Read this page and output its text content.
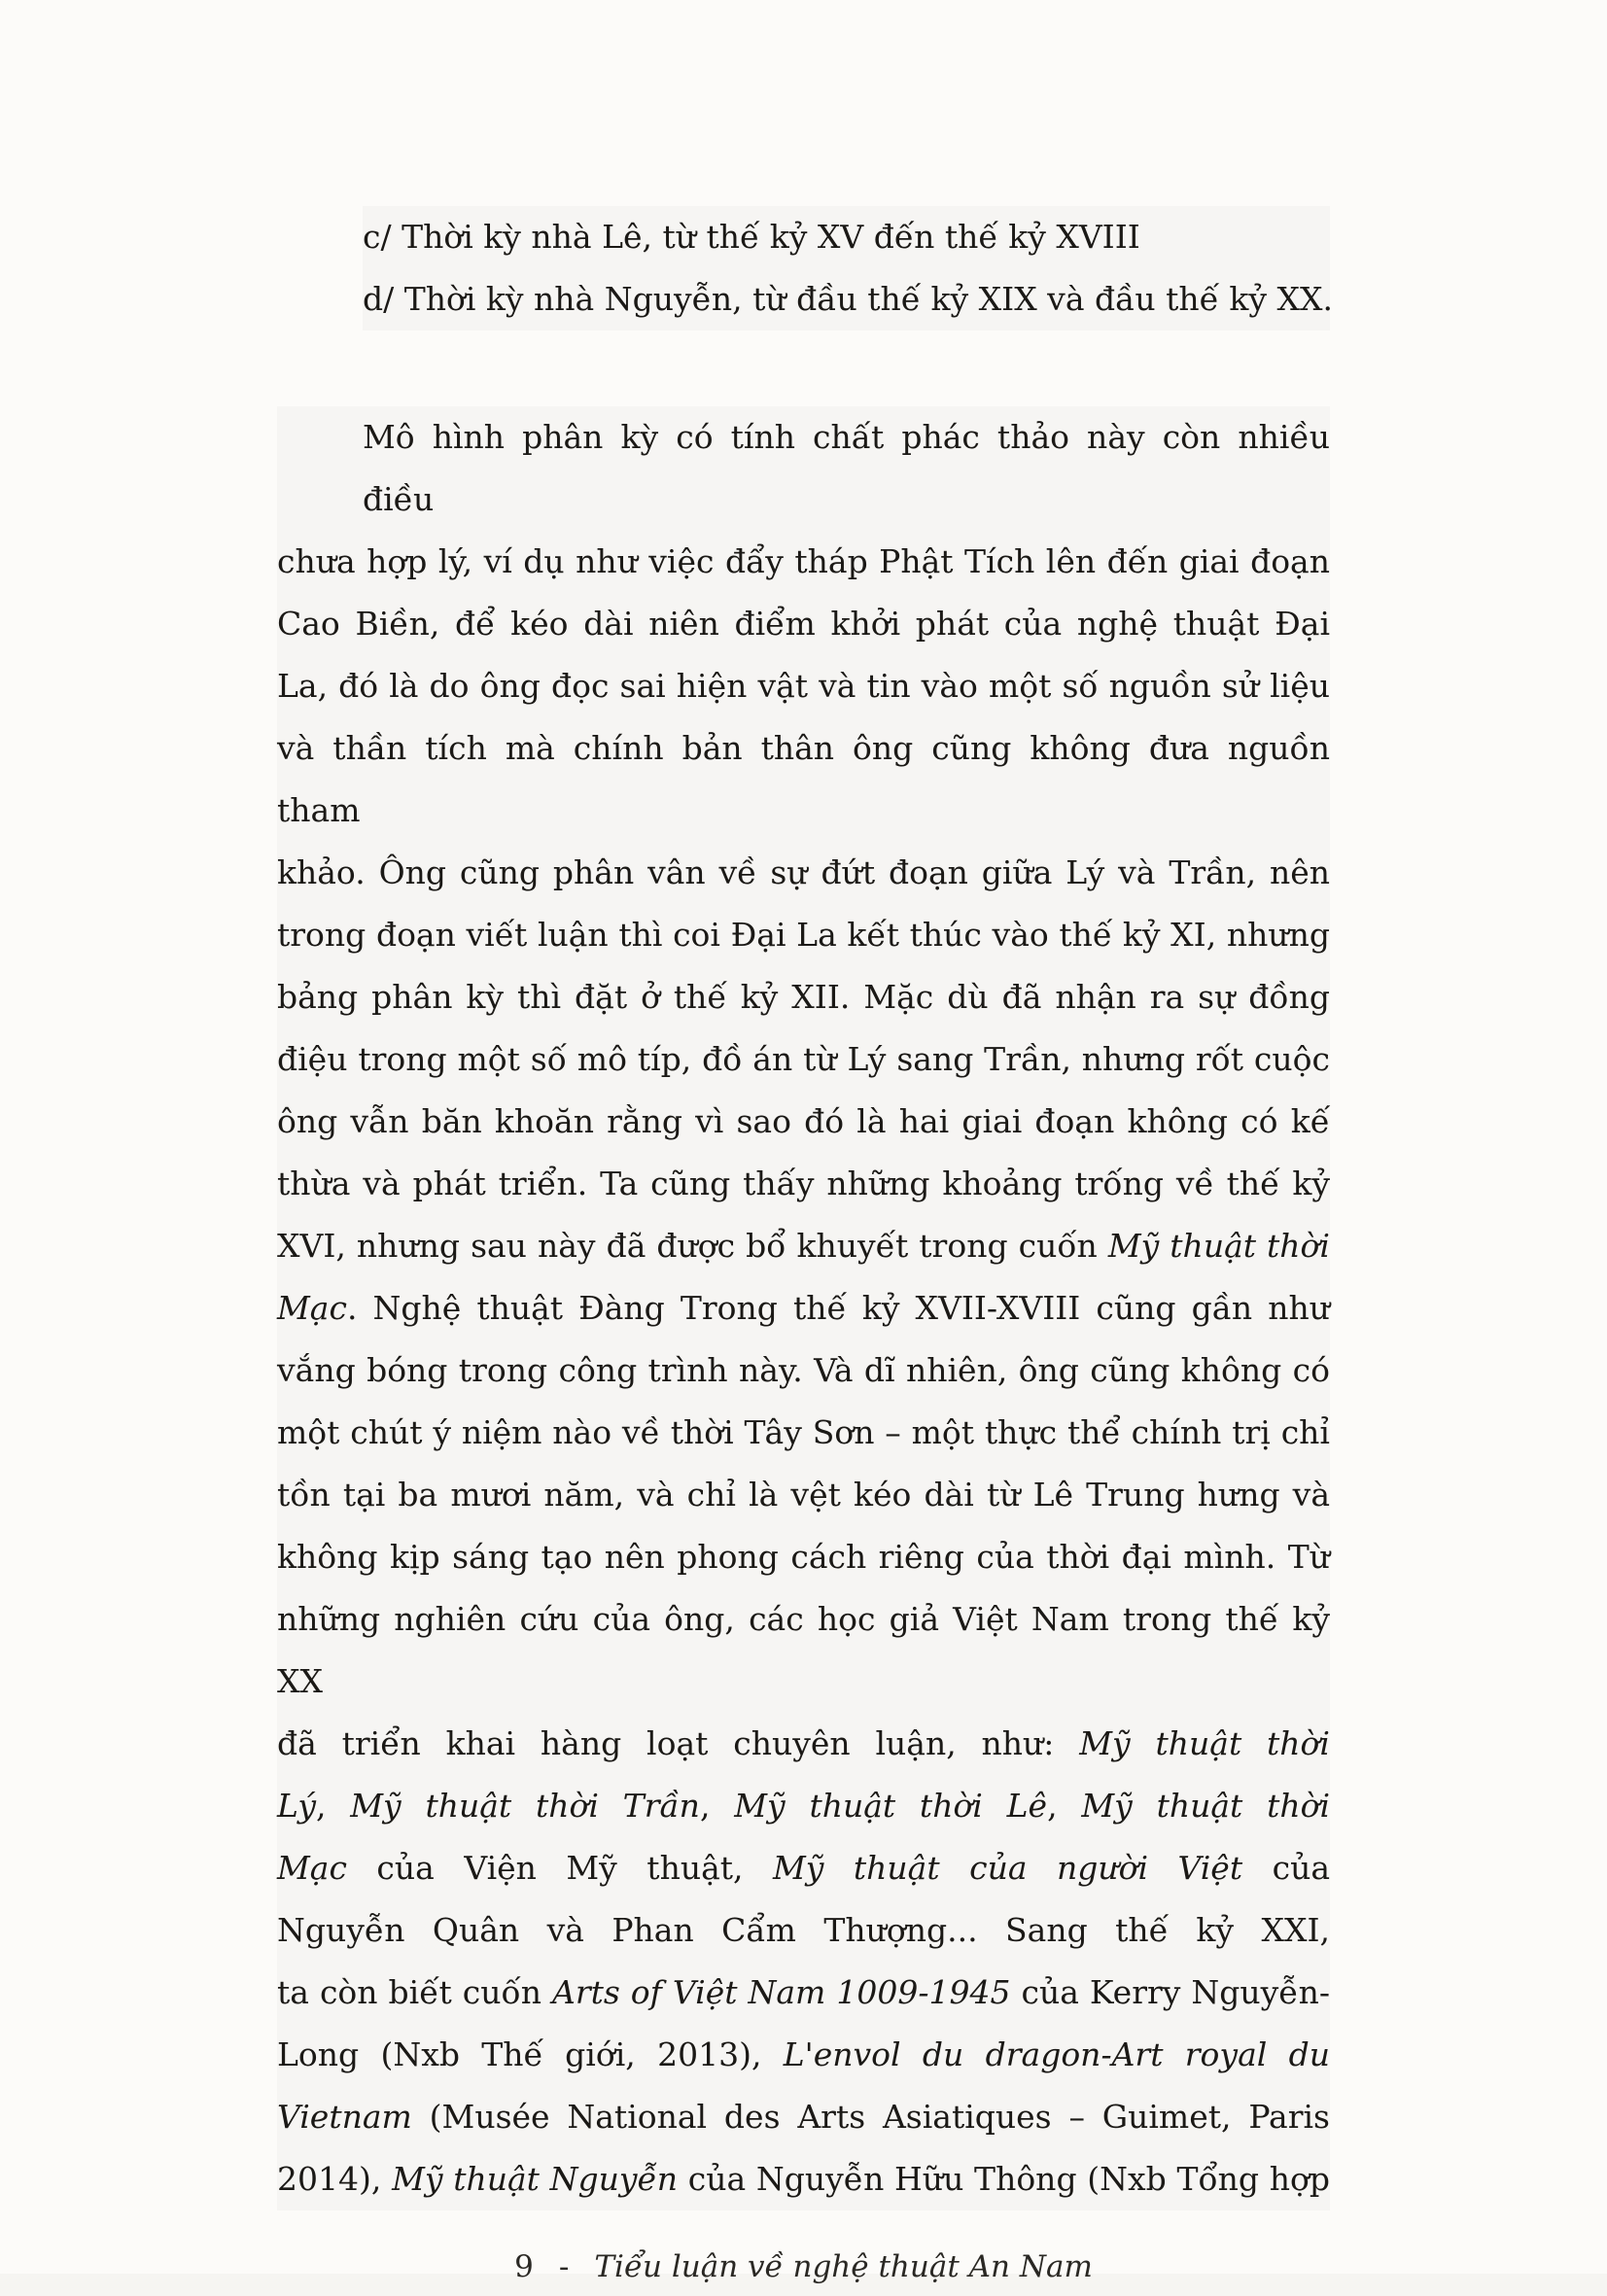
c/ Thời kỳ nhà Lê, từ thế kỷ XV đến thế kỷ XVIII
d/ Thời kỳ nhà Nguyễn, từ đầu thế kỷ XIX và đầu thế kỷ XX.
Mô hình phân kỳ có tính chất phác thảo này còn nhiều điều
chưa hợp lý, ví dụ như việc đẩy tháp Phật Tích lên đến giai đoạn
Cao Biền, để kéo dài niên điểm khởi phát của nghệ thuật Đại
La, đó là do ông đọc sai hiện vật và tin vào một số nguồn sử liệu
và thần tích mà chính bản thân ông cũng không đưa nguồn tham
khảo. Ông cũng phân vân về sự đứt đoạn giữa Lý và Trần, nên
trong đoạn viết luận thì coi Đại La kết thúc vào thế kỷ XI, nhưng
bảng phân kỳ thì đặt ở thế kỷ XII. Mặc dù đã nhận ra sự đồng
điệu trong một số mô típ, đồ án từ Lý sang Trần, nhưng rốt cuộc
ông vẫn băn khoăn rằng vì sao đó là hai giai đoạn không có kế
thừa và phát triển. Ta cũng thấy những khoảng trống về thế kỷ
XVI, nhưng sau này đã được bổ khuyết trong cuốn Mỹ thuật thời
Mạc. Nghệ thuật Đàng Trong thế kỷ XVII-XVIII cũng gần như
vắng bóng trong công trình này. Và dĩ nhiên, ông cũng không có
một chút ý niệm nào về thời Tây Sơn – một thực thể chính trị chỉ
tồn tại ba mươi năm, và chỉ là vệt kéo dài từ Lê Trung hưng và
không kịp sáng tạo nên phong cách riêng của thời đại mình. Từ
những nghiên cứu của ông, các học giả Việt Nam trong thế kỷ XX
đã triển khai hàng loạt chuyên luận, như: Mỹ thuật thời
Lý, Mỹ thuật thời Trần, Mỹ thuật thời Lê, Mỹ thuật thời
Mạc của Viện Mỹ thuật, Mỹ thuật của người Việt của
Nguyễn Quân và Phan Cẩm Thượng... Sang thế kỷ XXI,
ta còn biết cuốn Arts of Việt Nam 1009-1945 của Kerry Nguyễn-
Long (Nxb Thế giới, 2013), L'envol du dragon-Art royal du
Vietnam (Musée National des Arts Asiatiques – Guimet, Paris
2014), Mỹ thuật Nguyễn của Nguyễn Hữu Thông (Nxb Tổng hợp
9 - Tiểu luận về nghệ thuật An Nam
